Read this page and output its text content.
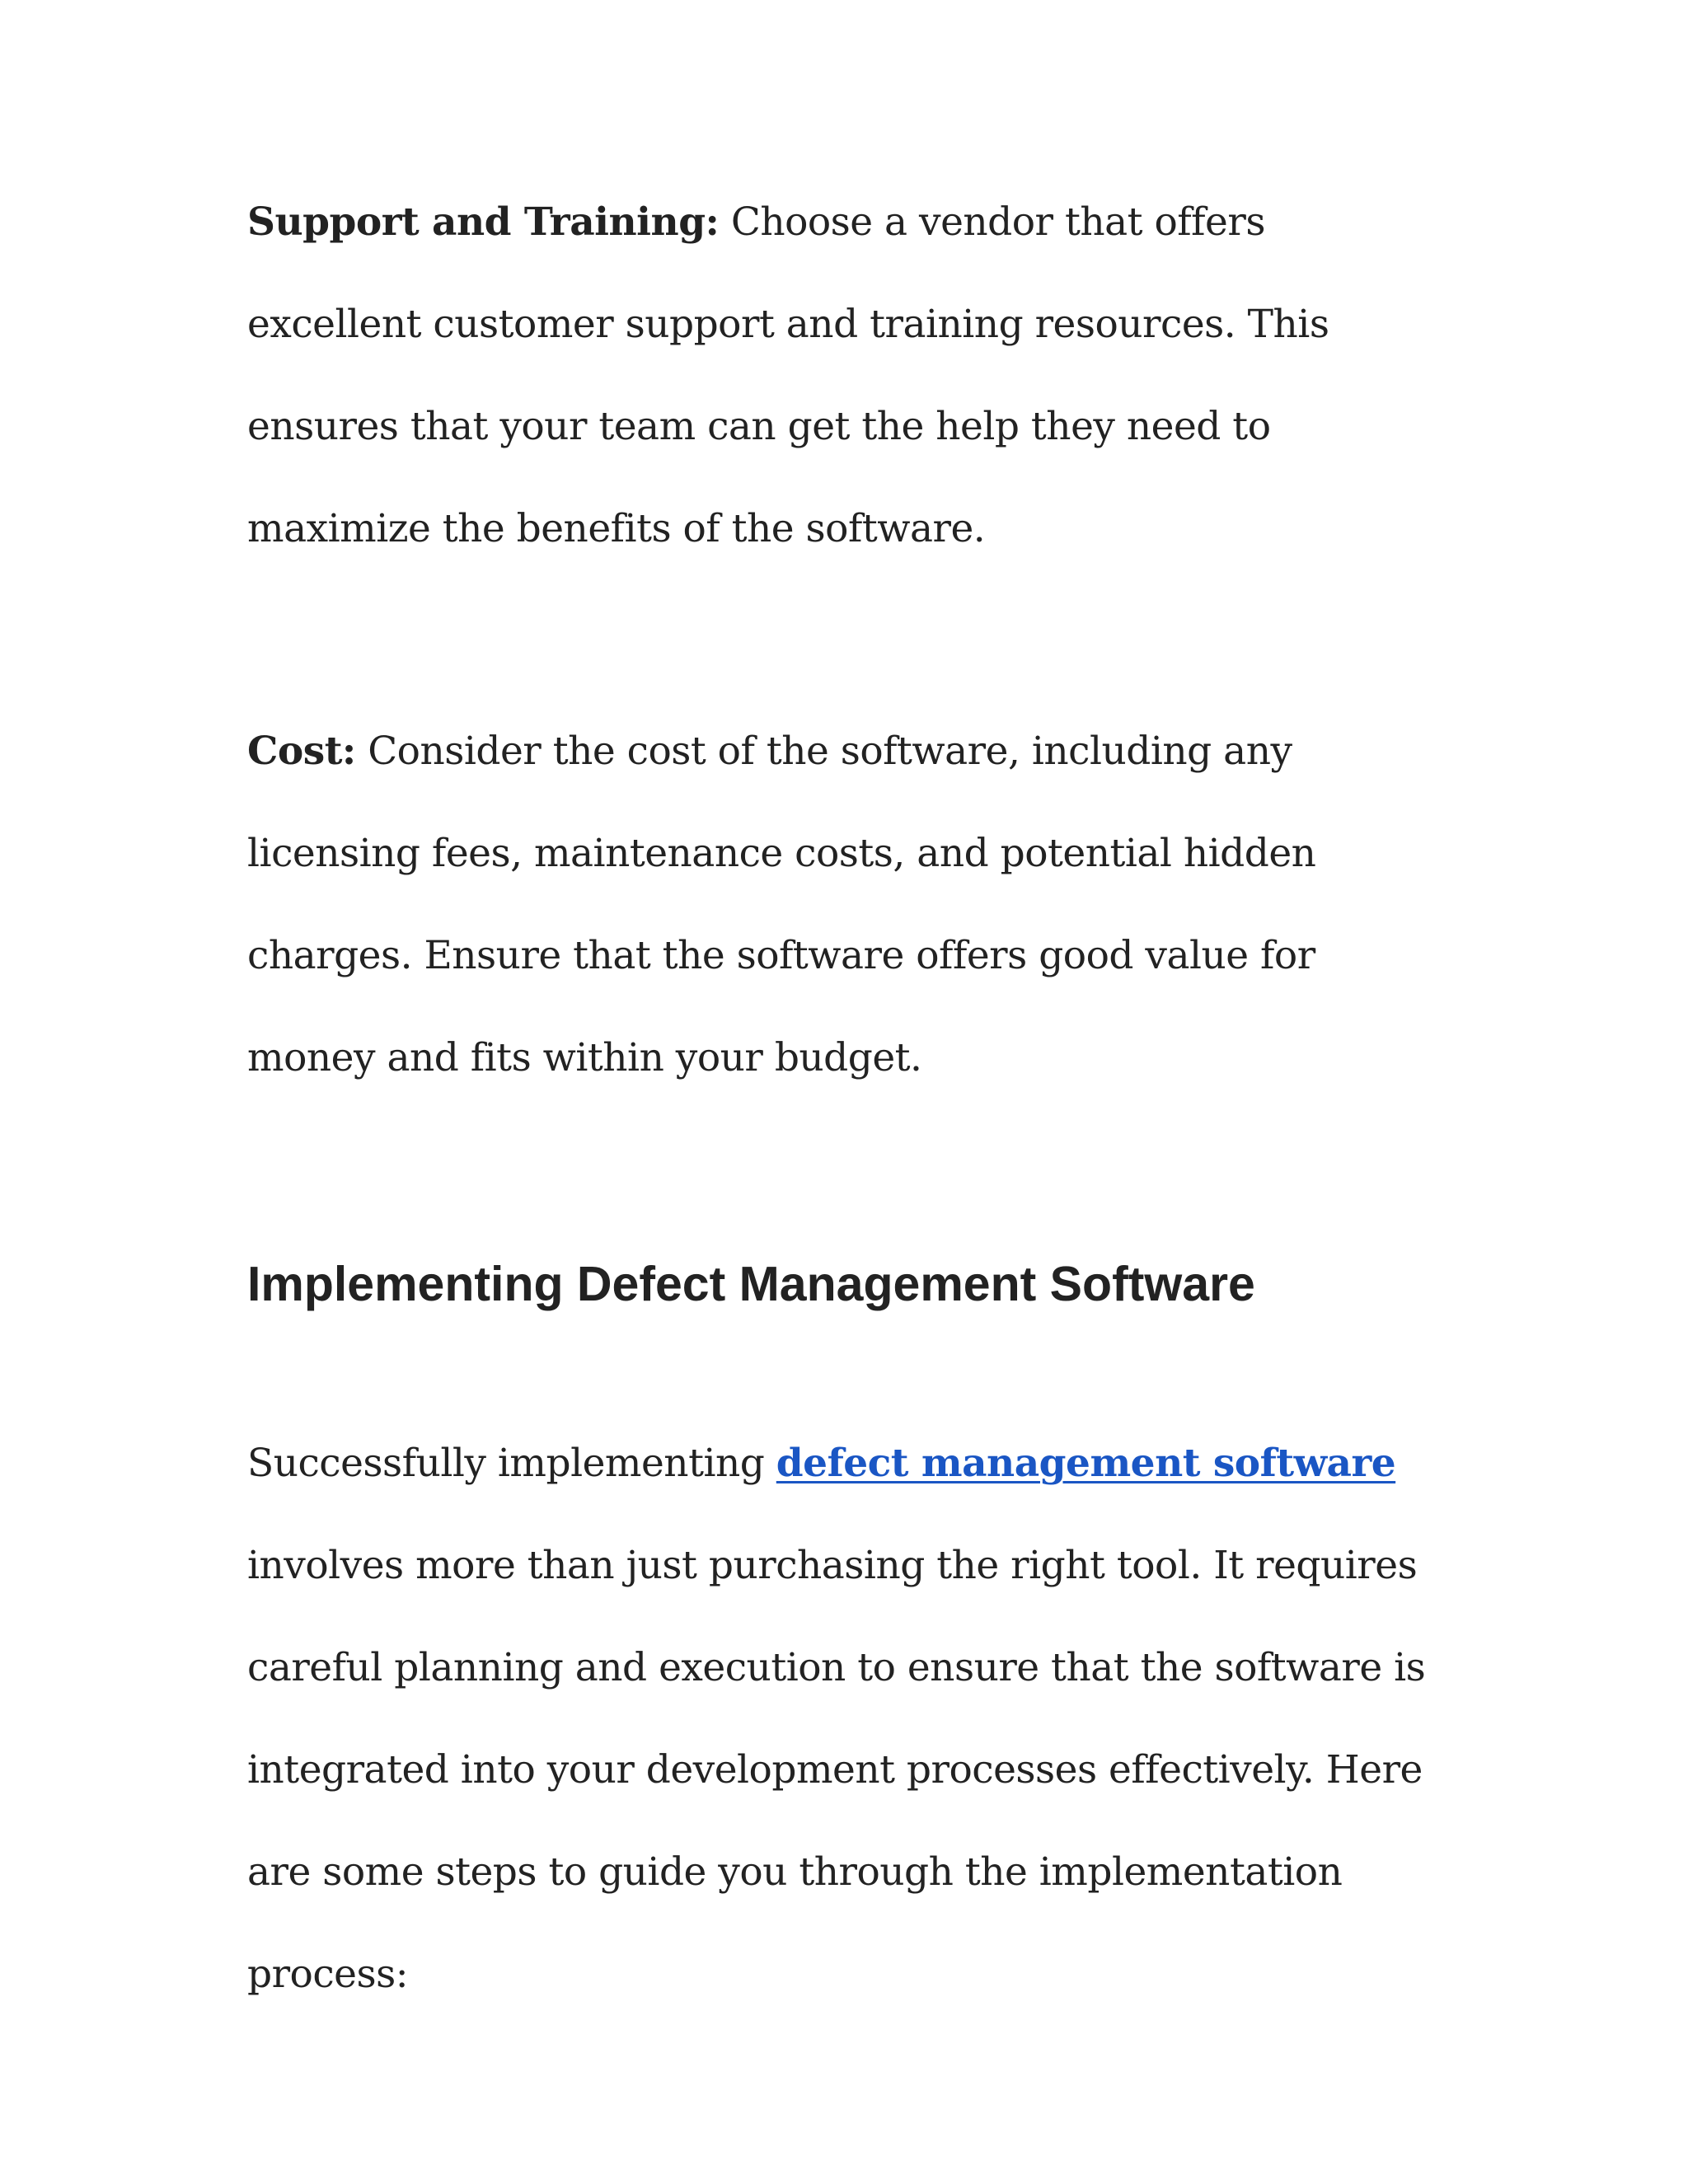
Support and Training: Choose a vendor that offers excellent customer support and training resources. This ensures that your team can get the help they need to maximize the benefits of the software.

Cost: Consider the cost of the software, including any licensing fees, maintenance costs, and potential hidden charges. Ensure that the software offers good value for money and fits within your budget.

Implementing Defect Management Software

Successfully implementing defect management software involves more than just purchasing the right tool. It requires careful planning and execution to ensure that the software is integrated into your development processes effectively. Here are some steps to guide you through the implementation process:
